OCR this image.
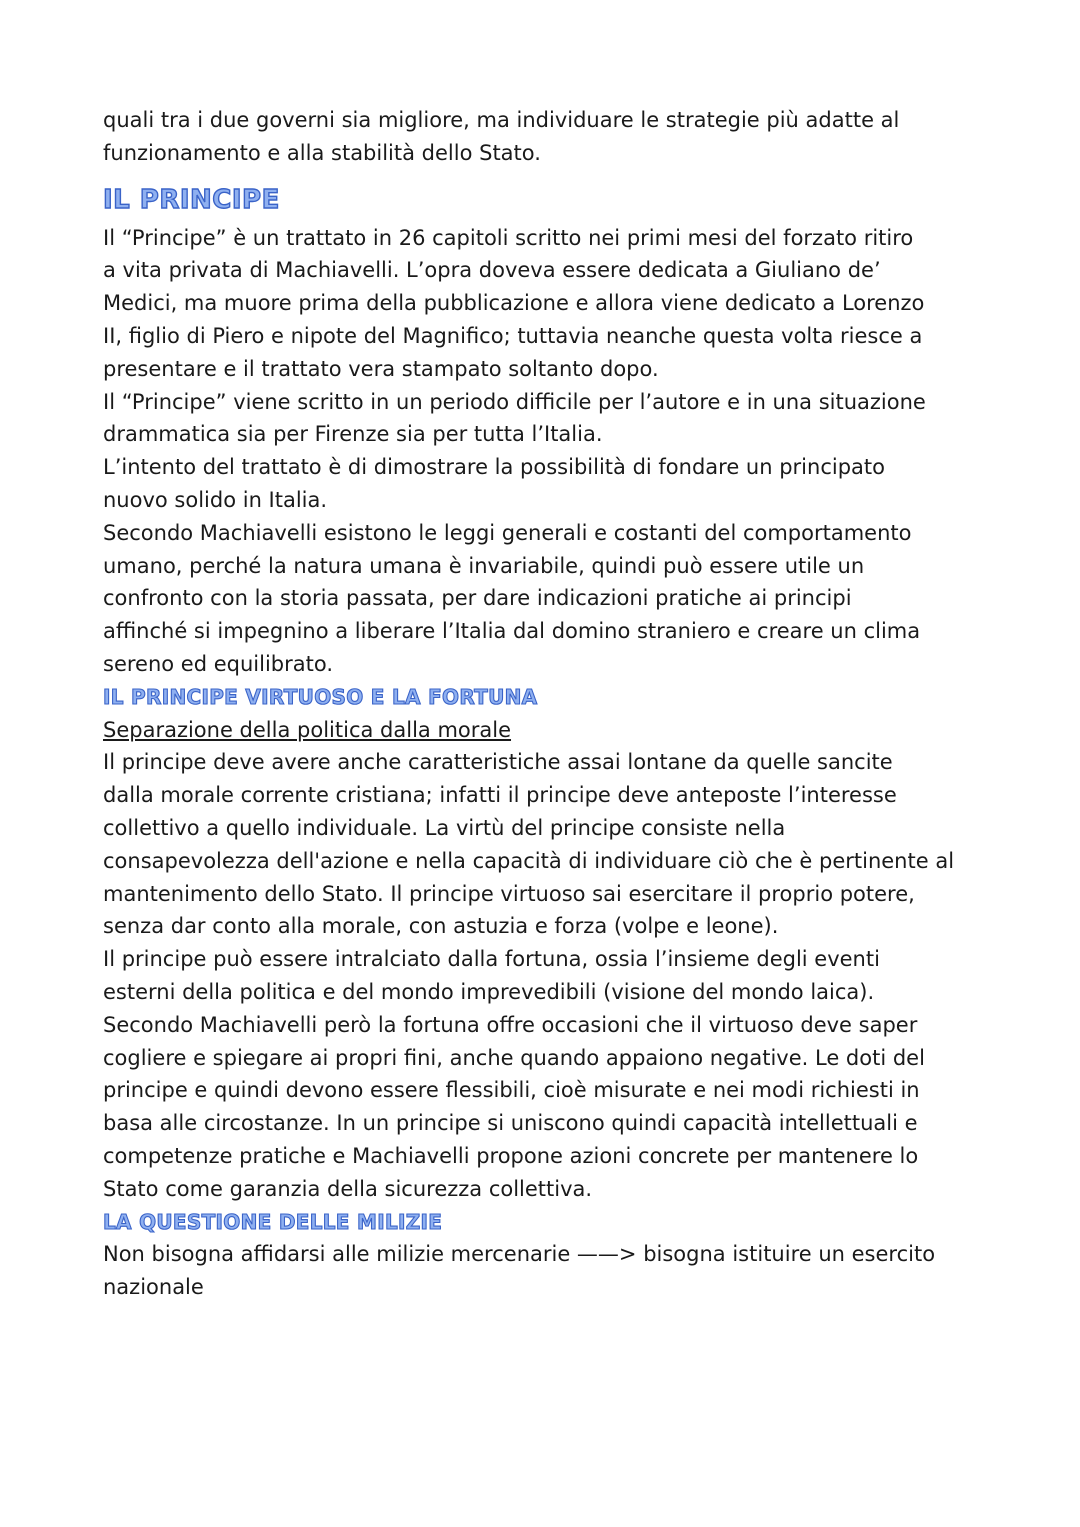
quali tra i due governi sia migliore, ma individuare le strategie più adatte al
funzionamento e alla stabilità dello Stato.

IL PRINCIPE

Il “Principe” è un trattato in 26 capitoli scritto nei primi mesi del forzato ritiro
a vita privata di Machiavelli. L’opra doveva essere dedicata a Giuliano de’
Medici, ma muore prima della pubblicazione e allora viene dedicato a Lorenzo
II, figlio di Piero e nipote del Magnifico; tuttavia neanche questa volta riesce a
presentare e il trattato vera stampato soltanto dopo.
Il “Principe” viene scritto in un periodo difficile per l’autore e in una situazione
drammatica sia per Firenze sia per tutta l’Italia.
L’intento del trattato è di dimostrare la possibilità di fondare un principato
nuovo solido in Italia.
Secondo Machiavelli esistono le leggi generali e costanti del comportamento
umano, perché la natura umana è invariabile, quindi può essere utile un
confronto con la storia passata, per dare indicazioni pratiche ai principi
affinché si impegnino a liberare l’Italia dal domino straniero e creare un clima
sereno ed equilibrato.

IL PRINCIPE VIRTUOSO E LA FORTUNA

Separazione della politica dalla morale

Il principe deve avere anche caratteristiche assai lontane da quelle sancite
dalla morale corrente cristiana; infatti il principe deve anteposte l’interesse
collettivo a quello individuale. La virtù del principe consiste nella
consapevolezza dell'azione e nella capacità di individuare ciò che è pertinente al
mantenimento dello Stato. Il principe virtuoso sai esercitare il proprio potere,
senza dar conto alla morale, con astuzia e forza (volpe e leone).
Il principe può essere intralciato dalla fortuna, ossia l’insieme degli eventi
esterni della politica e del mondo imprevedibili (visione del mondo laica).
Secondo Machiavelli però la fortuna offre occasioni che il virtuoso deve saper
cogliere e spiegare ai propri fini, anche quando appaiono negative. Le doti del
principe e quindi devono essere flessibili, cioè misurate e nei modi richiesti in
basa alle circostanze. In un principe si uniscono quindi capacità intellettuali e
competenze pratiche e Machiavelli propone azioni concrete per mantenere lo
Stato come garanzia della sicurezza collettiva.

LA QUESTIONE DELLE MILIZIE

Non bisogna affidarsi alle milizie mercenarie ——> bisogna istituire un esercito
nazionale
